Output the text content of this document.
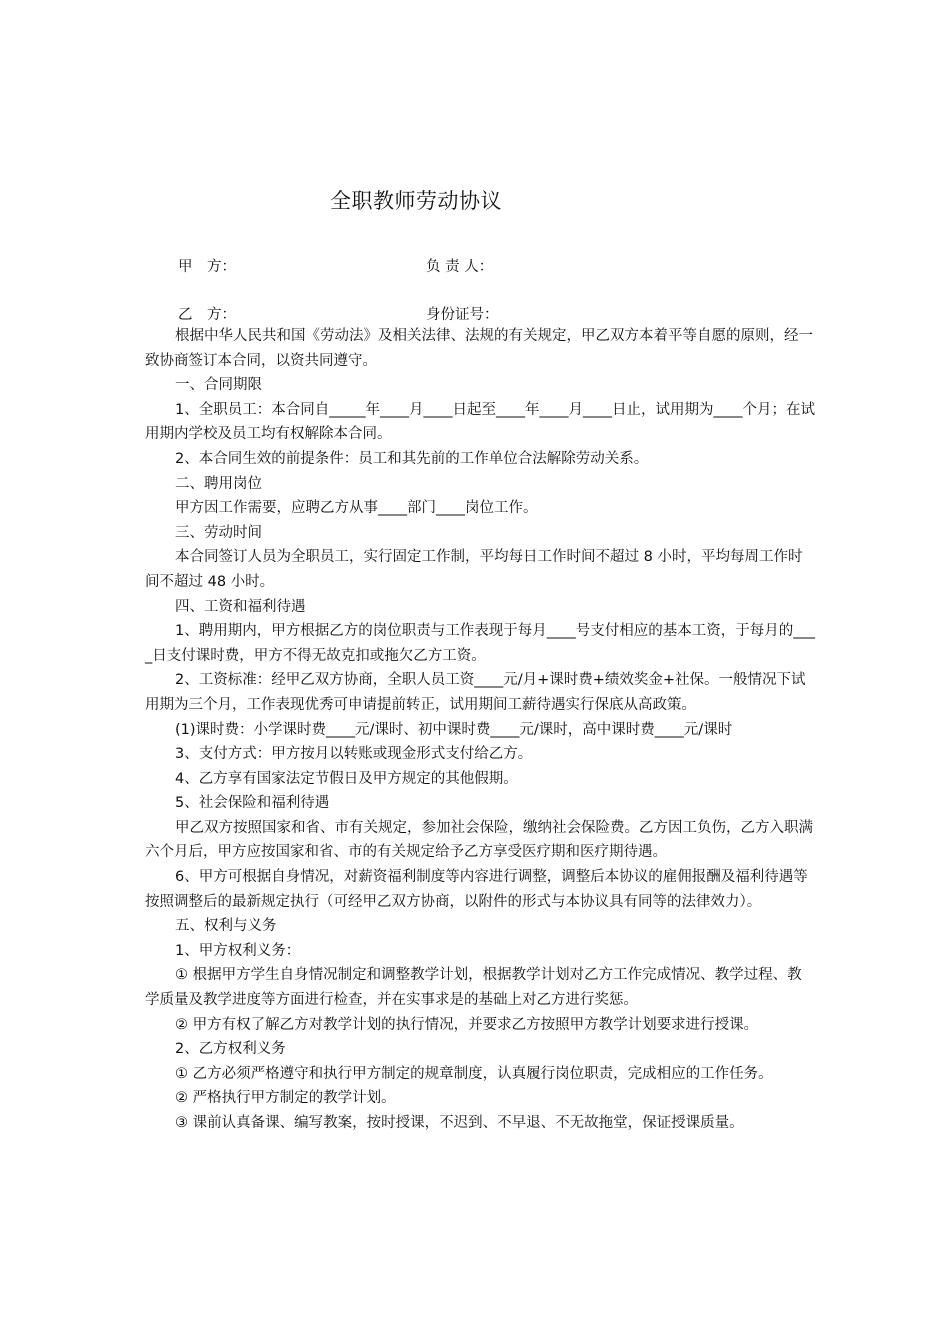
全职教师劳动协议
甲　方：	负 责 人：
乙　方：	身份证号：

根据中华人民共和国《劳动法》及相关法律、法规的有关规定，甲乙双方本着平等自愿的原则，经一致协商签订本合同，以资共同遵守。

一、合同期限

1、全职员工：本合同自_____年____月____日起至____年____月____日止，试用期为____个月；在试用期内学校及员工均有权解除本合同。

2、本合同生效的前提条件：员工和其先前的工作单位合法解除劳动关系。

二、聘用岗位

甲方因工作需要，应聘乙方从事____部门____岗位工作。

三、劳动时间

本合同签订人员为全职员工，实行固定工作制，平均每日工作时间不超过 8 小时，平均每周工作时间不超过 48 小时。

四、工资和福利待遇

1、聘用期内，甲方根据乙方的岗位职责与工作表现于每月____号支付相应的基本工资，于每月的____日支付课时费，甲方不得无故克扣或拖欠乙方工资。

2、工资标准：经甲乙双方协商，全职人员工资____元/月+课时费+绩效奖金+社保。一般情况下试用期为三个月，工作表现优秀可申请提前转正，试用期间工薪待遇实行保底从高政策。

(1)课时费：小学课时费____元/课时、初中课时费____元/课时，高中课时费____元/课时

3、支付方式：甲方按月以转账或现金形式支付给乙方。

4、乙方享有国家法定节假日及甲方规定的其他假期。

5、社会保险和福利待遇

甲乙双方按照国家和省、市有关规定，参加社会保险，缴纳社会保险费。乙方因工负伤，乙方入职满六个月后，甲方应按国家和省、市的有关规定给予乙方享受医疗期和医疗期待遇。

6、甲方可根据自身情况，对薪资福利制度等内容进行调整，调整后本协议的雇佣报酬及福利待遇等按照调整后的最新规定执行（可经甲乙双方协商，以附件的形式与本协议具有同等的法律效力）。

五、权利与义务

1、甲方权利义务：

① 根据甲方学生自身情况制定和调整教学计划，根据教学计划对乙方工作完成情况、教学过程、教学质量及教学进度等方面进行检查，并在实事求是的基础上对乙方进行奖惩。

② 甲方有权了解乙方对教学计划的执行情况，并要求乙方按照甲方教学计划要求进行授课。

2、乙方权利义务

① 乙方必须严格遵守和执行甲方制定的规章制度，认真履行岗位职责，完成相应的工作任务。

② 严格执行甲方制定的教学计划。

③ 课前认真备课、编写教案，按时授课，不迟到、不早退、不无故拖堂，保证授课质量。
